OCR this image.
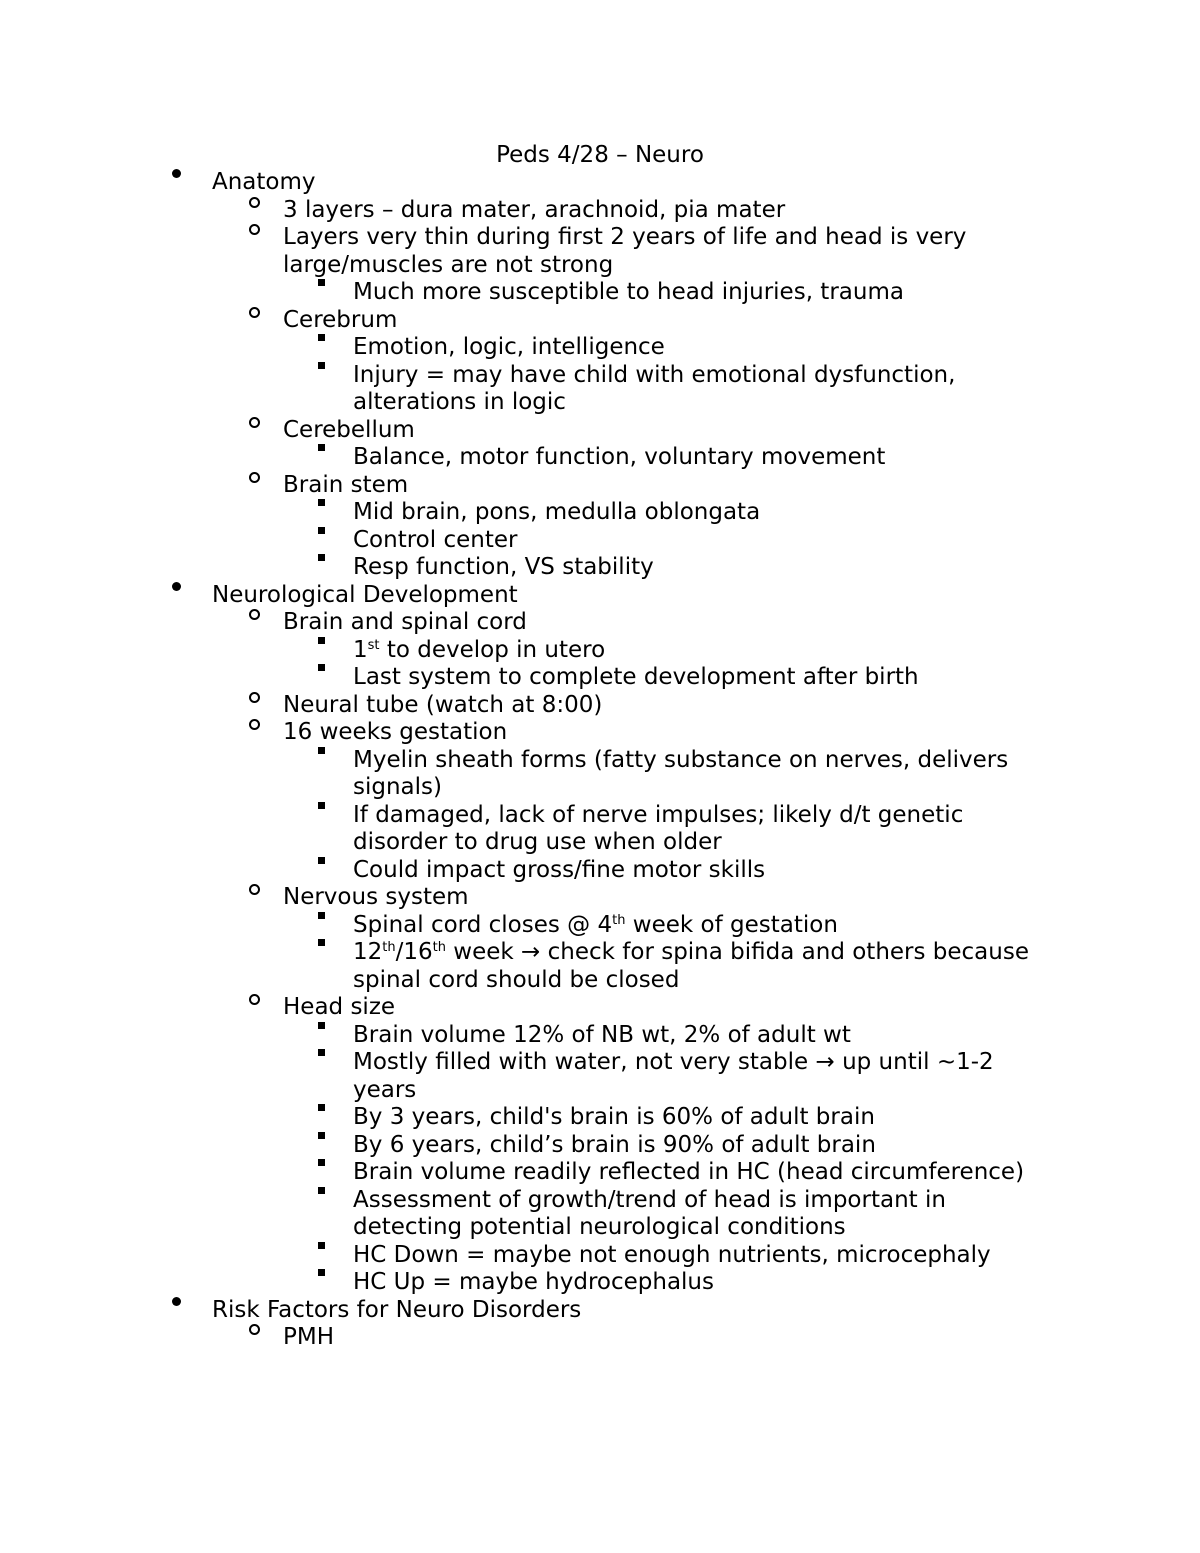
Peds 4/28 – Neuro
Anatomy
3 layers – dura mater, arachnoid, pia mater
Layers very thin during first 2 years of life and head is very
large/muscles are not strong
Much more susceptible to head injuries, trauma
Cerebrum
Emotion, logic, intelligence
Injury = may have child with emotional dysfunction,
alterations in logic
Cerebellum
Balance, motor function, voluntary movement
Brain stem
Mid brain, pons, medulla oblongata
Control center
Resp function, VS stability
Neurological Development
Brain and spinal cord
1st to develop in utero
Last system to complete development after birth
Neural tube (watch at 8:00)
16 weeks gestation
Myelin sheath forms (fatty substance on nerves, delivers
signals)
If damaged, lack of nerve impulses; likely d/t genetic
disorder to drug use when older
Could impact gross/fine motor skills
Nervous system
Spinal cord closes @ 4th week of gestation
12th/16th week → check for spina bifida and others because
spinal cord should be closed
Head size
Brain volume 12% of NB wt, 2% of adult wt
Mostly filled with water, not very stable → up until ~1-2
years
By 3 years, child's brain is 60% of adult brain
By 6 years, child’s brain is 90% of adult brain
Brain volume readily reflected in HC (head circumference)
Assessment of growth/trend of head is important in
detecting potential neurological conditions
HC Down = maybe not enough nutrients, microcephaly
HC Up = maybe hydrocephalus
Risk Factors for Neuro Disorders
PMH
